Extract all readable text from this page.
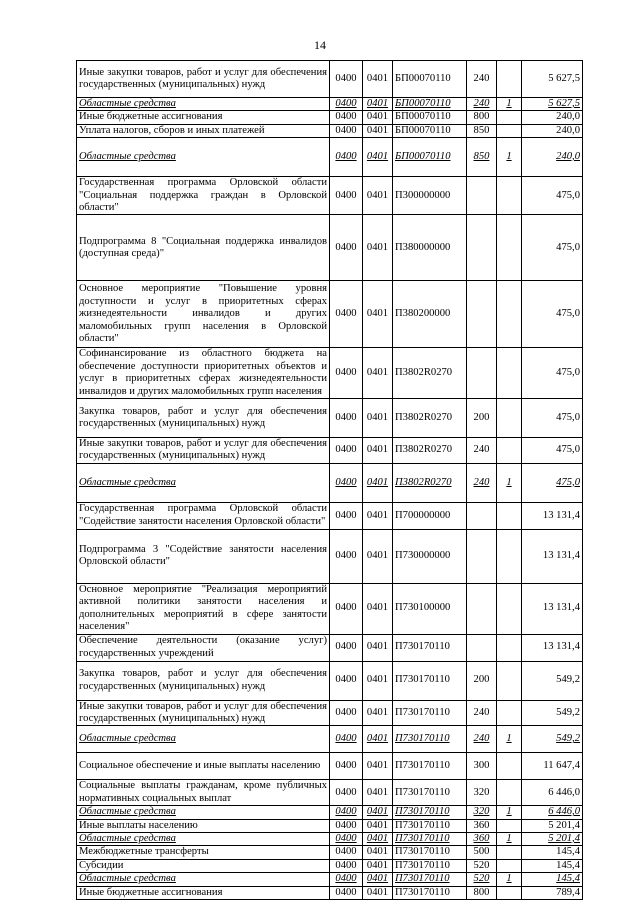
14
Иные закупки товаров, работ и услуг для обеспечения государственных (муниципальных) нужд	0400	0401	БП00070110	240		5 627,5
Областные средства	0400	0401	БП00070110	240	1	5 627,5
Иные бюджетные ассигнования	0400	0401	БП00070110	800		240,0
Уплата налогов, сборов и иных платежей	0400	0401	БП00070110	850		240,0
Областные средства	0400	0401	БП00070110	850	1	240,0
Государственная программа Орловской области "Социальная поддержка граждан в Орловской области"	0400	0401	П300000000			475,0
Подпрограмма 8 "Социальная поддержка инвалидов (доступная среда)"	0400	0401	П380000000			475,0
Основное мероприятие "Повышение уровня доступности и услуг в приоритетных сферах жизнедеятельности инвалидов и других маломобильных групп населения в Орловской области"	0400	0401	П380200000			475,0
Софинансирование из областного бюджета на обеспечение доступности приоритетных объектов и услуг в приоритетных сферах жизнедеятельности инвалидов и других маломобильных групп населения	0400	0401	П3802R0270			475,0
Закупка товаров, работ и услуг для обеспечения государственных (муниципальных) нужд	0400	0401	П3802R0270	200		475,0
Иные закупки товаров, работ и услуг для обеспечения государственных (муниципальных) нужд	0400	0401	П3802R0270	240		475,0
Областные средства	0400	0401	П3802R0270	240	1	475,0
Государственная программа Орловской области "Содействие занятости населения Орловской области"	0400	0401	П700000000			13 131,4
Подпрограмма 3 "Содействие занятости населения Орловской области"	0400	0401	П730000000			13 131,4
Основное мероприятие "Реализация мероприятий активной политики занятости населения и дополнительных мероприятий в сфере занятости населения"	0400	0401	П730100000			13 131,4
Обеспечение деятельности (оказание услуг) государственных учреждений	0400	0401	П730170110			13 131,4
Закупка товаров, работ и услуг для обеспечения государственных (муниципальных) нужд	0400	0401	П730170110	200		549,2
Иные закупки товаров, работ и услуг для обеспечения государственных (муниципальных) нужд	0400	0401	П730170110	240		549,2
Областные средства	0400	0401	П730170110	240	1	549,2
Социальное обеспечение и иные выплаты населению	0400	0401	П730170110	300		11 647,4
Социальные выплаты гражданам, кроме публичных нормативных социальных выплат	0400	0401	П730170110	320		6 446,0
Областные средства	0400	0401	П730170110	320	1	6 446,0
Иные выплаты населению	0400	0401	П730170110	360		5 201,4
Областные средства	0400	0401	П730170110	360	1	5 201,4
Межбюджетные трансферты	0400	0401	П730170110	500		145,4
Субсидии	0400	0401	П730170110	520		145,4
Областные средства	0400	0401	П730170110	520	1	145,4
Иные бюджетные ассигнования	0400	0401	П730170110	800		789,4
